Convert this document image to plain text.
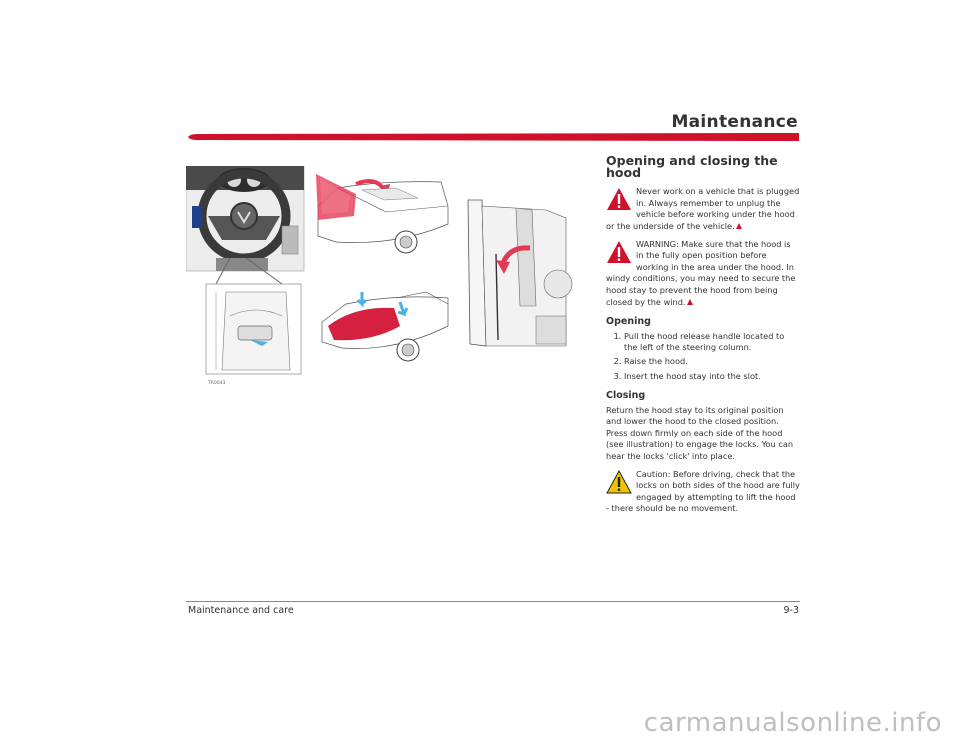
Maintenance
TR0043
Opening and closing the hood

Never work on a vehicle that is plugged in. Always remember to unplug the vehicle before working under the hood or the underside of the vehicle.

WARNING: Make sure that the hood is in the fully open position before working in the area under the hood. In windy conditions, you may need to secure the hood stay to prevent the hood from being closed by the wind.

Opening
1. Pull the hood release handle located to the left of the steering column.
2. Raise the hood.
3. Insert the hood stay into the slot.
Closing

Return the hood stay to its original position and lower the hood to the closed position. Press down firmly on each side of the hood (see illustration) to engage the locks. You can hear the locks 'click' into place.

Caution: Before driving, check that the locks on both sides of the hood are fully engaged by attempting to lift the hood - there should be no movement.

Maintenance and care	9-3
carmanualsonline.info
